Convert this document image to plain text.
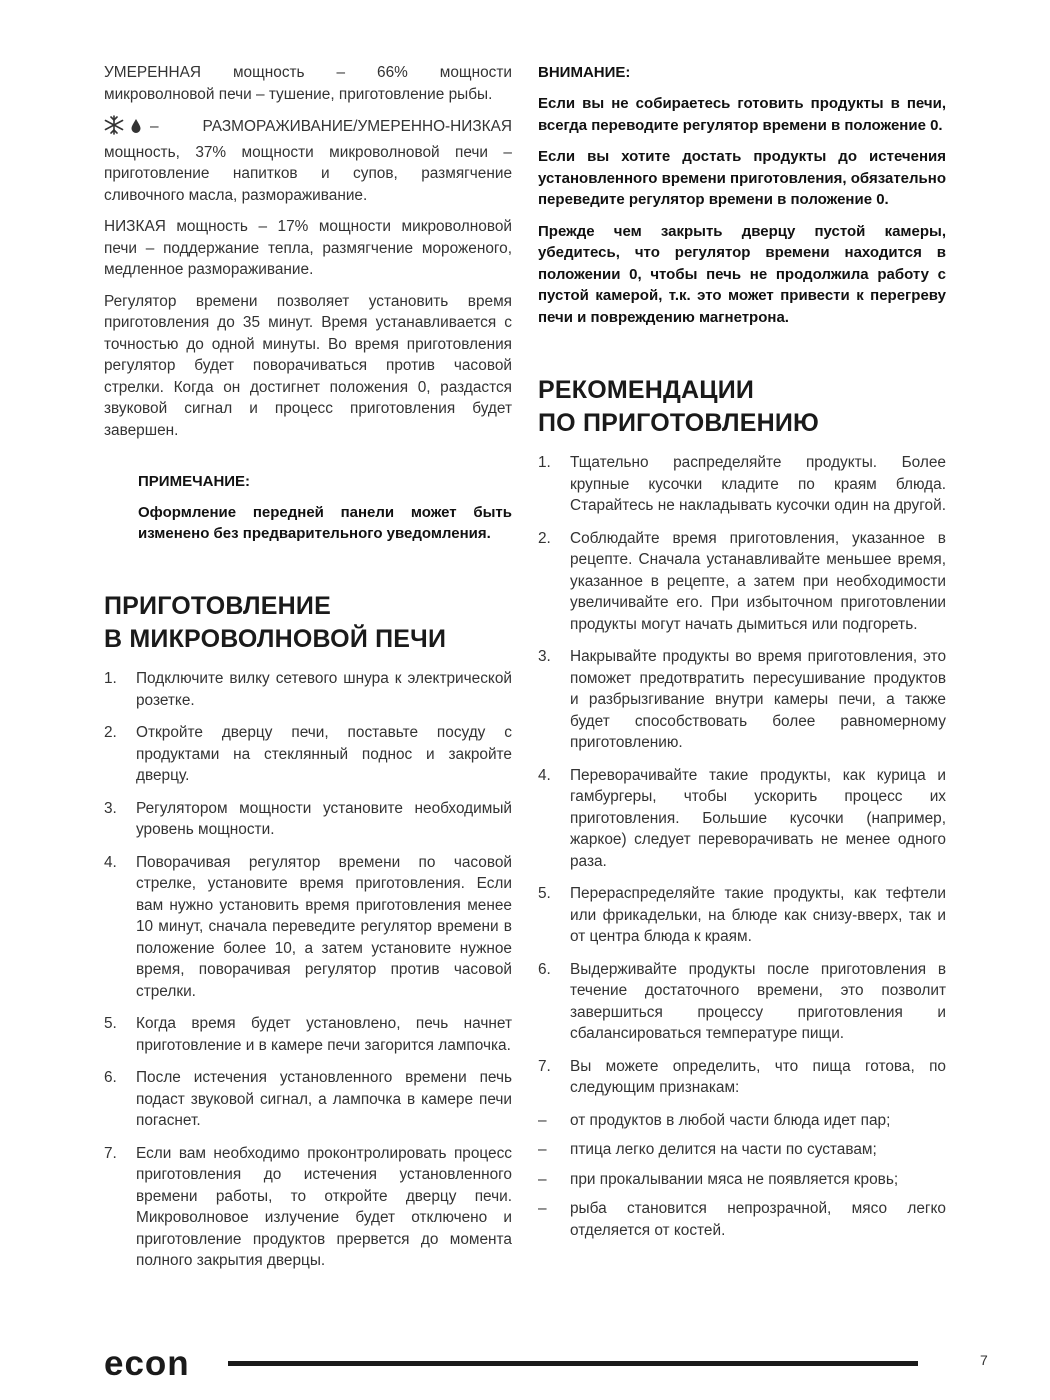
УМЕРЕННАЯ мощность – 66% мощности микроволновой печи – тушение, приготовление рыбы.

– РАЗМОРАЖИВАНИЕ/УМЕРЕННО-НИЗКАЯ мощность, 37% мощности микроволновой печи – приготовление напитков и супов, размягчение сливочного масла, размораживание.

НИЗКАЯ мощность – 17% мощности микроволновой печи – поддержание тепла, размягчение мороженого, медленное размораживание.

Регулятор времени позволяет установить время приготовления до 35 минут. Время устанавливается с точностью до одной минуты. Во время приготовления регулятор будет поворачиваться против часовой стрелки. Когда он достигнет положения 0, раздастся звуковой сигнал и процесс приготовления будет завершен.

ПРИМЕЧАНИЕ:

Оформление передней панели может быть изменено без предварительного уведомления.

ПРИГОТОВЛЕНИЕ
В МИКРОВОЛНОВОЙ ПЕЧИ
1.	Подключите вилку сетевого шнура к электрической розетке.
2.	Откройте дверцу печи, поставьте посуду с продуктами на стеклянный поднос и закройте дверцу.
3.	Регулятором мощности установите необходимый уровень мощности.
4.	Поворачивая регулятор времени по часовой стрелке, установите время приготовления. Если вам нужно установить время приготовления менее 10 минут, сначала переведите регулятор времени в положение более 10, а затем установите нужное время, поворачивая регулятор против часовой стрелки.
5.	Когда время будет установлено, печь начнет приготовление и в камере печи загорится лампочка.
6.	После истечения установленного времени печь подаст звуковой сигнал, а лампочка в камере печи погаснет.
7.	Если вам необходимо проконтролировать процесс приготовления до истечения установленного времени работы, то откройте дверцу печи. Микроволновое излучение будет отключено и приготовление продуктов прервется до момента полного закрытия дверцы.

ВНИМАНИЕ:

Если вы не собираетесь готовить продукты в печи, всегда переводите регулятор времени в положение 0.

Если вы хотите достать продукты до истечения установленного времени приготовления, обязательно переведите регулятор времени в положение 0.

Прежде чем закрыть дверцу пустой камеры, убедитесь, что регулятор времени находится в положении 0, чтобы печь не продолжила работу с пустой камерой, т.к. это может привести к перегреву печи и повреждению магнетрона.

РЕКОМЕНДАЦИИ
ПО ПРИГОТОВЛЕНИЮ
1.	Тщательно распределяйте продукты. Более крупные кусочки кладите по краям блюда. Старайтесь не накладывать кусочки один на другой.
2.	Соблюдайте время приготовления, указанное в рецепте. Сначала устанавливайте меньшее время, указанное в рецепте, а затем при необходимости увеличивайте его. При избыточном приготовлении продукты могут начать дымиться или подгореть.
3.	Накрывайте продукты во время приготовления, это поможет предотвратить пересушивание продуктов и разбрызгивание внутри камеры печи, а также будет способствовать более равномерному приготовлению.
4.	Переворачивайте такие продукты, как курица и гамбургеры, чтобы ускорить процесс их приготовления. Большие кусочки (например, жаркое) следует переворачивать не менее одного раза.
5.	Перераспределяйте такие продукты, как тефтели или фрикадельки, на блюде как снизу-вверх, так и от центра блюда к краям.
6.	Выдерживайте продукты после приготовления в течение достаточного времени, это позволит завершиться процессу приготовления и сбалансироваться температуре пищи.
7.	Вы можете определить, что пища готова, по следующим признакам:
–	от продуктов в любой части блюда идет пар;
–	птица легко делится на части по суставам;
–	при прокалывании мяса не появляется кровь;
–	рыба становится непрозрачной, мясо легко отделяется от костей.
econ	7
